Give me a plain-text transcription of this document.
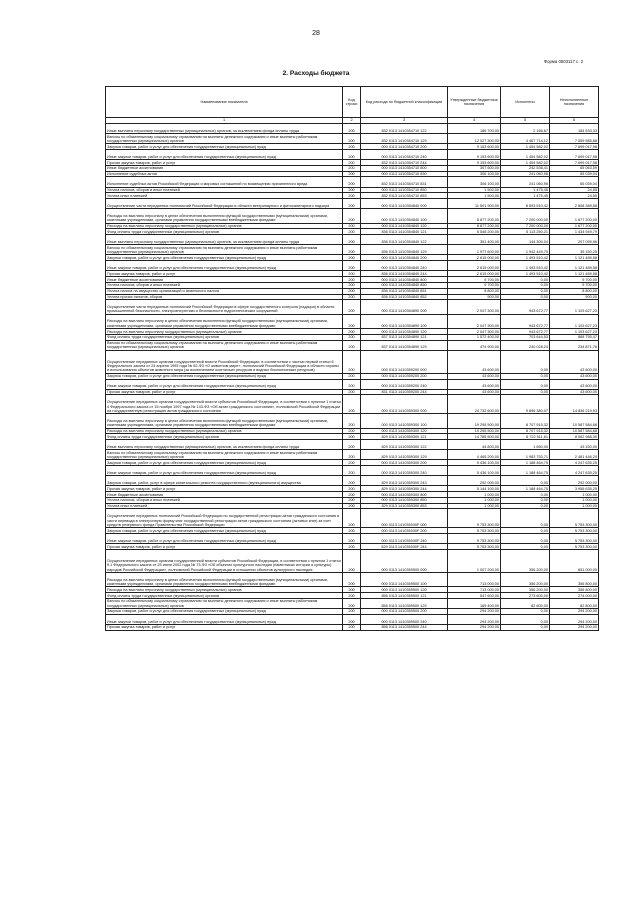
28
Форма 0503117 с. 2
2. Расходы бюджета
Наименование показателя	Код строки	Код расхода по бюджетной классификации	Утвержденные бюджетные назначения	Исполнено	Неисполненные назначения
1	2	3	4	5	6
Иные выплаты персоналу государственных (муниципальных) органов, за исключением фонда оплаты труда	200	832 0113 1410354710 122	186 700,00	2 166,67	184 533,33
Взносы по обязательному социальному страхованию на выплаты денежного содержания и иные выплаты работникам государственных (муниципальных) органов	200	832 0113 1410354710 129	12 027 300,00	4 467 714,12	7 559 585,88
Закупка товаров, работ и услуг для обеспечения государственных (муниципальных) нужд	200	000 0113 1410354710 200	9 153 600,00	1 454 582,02	7 699 017,98
Иные закупки товаров, работ и услуг для обеспечения государственных (муниципальных) нужд	200	000 0113 1410354710 240	9 153 600,00	1 454 582,02	7 699 017,98
Прочая закупка товаров, работ и услуг	200	832 0113 1410354710 244	9 153 600,00	1 454 582,02	7 699 017,98
Иные бюджетные ассигнования	200	000 0113 1410354710 800	307 600,00	242 536,41	65 063,59
Исполнение судебных актов	200	000 0113 1410354710 830	306 100,00	241 060,96	65 039,04
Исполнение судебных актов Российской Федерации и мировых соглашений по возмещению причиненного вреда	200	832 0113 1410354710 831	306 100,00	241 060,96	65 039,04
Уплата налогов, сборов и иных платежей	200	000 0113 1410354710 850	1 500,00	1 475,45	24,55
Уплата иных платежей	200	832 0113 1410354710 853	1 500,00	1 475,45	24,55
Осуществление части переданных полномочий Российской Федерации в области ветеринарного и фитосанитарного надзора	200	000 0113 1410354840 000	11 501 900,00	8 693 510,42	2 808 389,58
Расходы на выплаты персоналу в целях обеспечения выполнения функций государственными (муниципальными) органами, казенными учреждениями, органами управления государственными внебюджетными фондами	200	000 0113 1410354840 100	8 877 200,00	7 200 000,00	1 677 200,00
Расходы на выплаты персоналу государственных (муниципальных) органов	200	000 0113 1410354840 120	8 877 200,00	7 200 000,00	1 677 200,00
Фонд оплаты труда государственных (муниципальных) органов	200	836 0113 1410354840 121	6 548 200,00	5 113 250,21	1 434 949,79
Иные выплаты персоналу государственных (муниципальных) органов, за исключением фонда оплаты труда	200	836 0113 1410354840 122	351 400,00	144 300,04	207 099,96
Взносы по обязательному социальному страхованию на выплаты денежного содержания и иные выплаты работникам государственных (муниципальных) органов	200	836 0113 1410354840 129	1 977 600,00	1 942 449,75	35 150,25
Закупка товаров, работ и услуг для обеспечения государственных (муниципальных) нужд	200	000 0113 1410354840 200	2 615 000,00	1 493 510,42	1 121 489,58
Иные закупки товаров, работ и услуг для обеспечения государственных (муниципальных) нужд	200	000 0113 1410354840 240	2 615 000,00	1 493 510,42	1 121 489,58
Прочая закупка товаров, работ и услуг	200	836 0113 1410354840 244	2 615 000,00	1 493 510,42	1 121 489,58
Иные бюджетные ассигнования	200	000 0113 1410354840 800	9 700,00	0,00	9 700,00
Уплата налогов, сборов и иных платежей	200	000 0113 1410354840 850	9 700,00	0,00	9 700,00
Уплата налога на имущество организаций и земельного налога	200	836 0113 1410354840 851	8 800,00	0,00	8 800,00
Уплата прочих налогов, сборов	200	836 0113 1410354840 852	900,00	0,00	900,00
Осуществление части переданных полномочий Российской Федерации в сфере государственного контроля (надзора) в области промышленной безопасности, электроэнергетики и безопасности гидротехнических сооружений	200	000 0113 1410354890 000	2 047 300,00	943 672,77	1 103 627,23
Расходы на выплаты персоналу в целях обеспечения выполнения функций государственными (муниципальными) органами, казенными учреждениями, органами управления государственными внебюджетными фондами	200	000 0113 1410354890 100	2 047 300,00	943 672,77	1 103 627,23
Расходы на выплаты персоналу государственных (муниципальных) органов	200	000 0113 1410354890 120	2 047 300,00	943 672,77	1 103 627,23
Фонд оплаты труда государственных (муниципальных) органов	200	837 0113 1410354890 121	1 572 400,00	703 644,53	868 755,47
Взносы по обязательному социальному страхованию на выплаты денежного содержания и иные выплаты работникам государственных (муниципальных) органов	200	837 0113 1410354890 129	474 900,00	240 028,24	234 871,76
Осуществление переданных органам государственной власти Российской Федерации, в соответствии с частью первой статьи 6 Федерального закона от 24 апреля 1995 года № 52-ФЗ «О животном мире», полномочий Российской Федерации в области охраны и использования объектов животного мира (за исключением охотничьих ресурсов и водных биологических ресурсов)	200	000 0113 1410359200 000	43 600,00	0,00	43 600,00
Закупка товаров, работ и услуг для обеспечения государственных (муниципальных) нужд	200	000 0113 1410359200 200	43 600,00	0,00	43 600,00
Иные закупки товаров, работ и услуг для обеспечения государственных (муниципальных) нужд	200	000 0113 1410359200 240	43 600,00	0,00	43 600,00
Прочая закупка товаров, работ и услуг	200	831 0113 1410359200 244	43 600,00	0,00	43 600,00
Осуществление переданных органам государственной власти субъектов Российской Федерации, в соответствии с пунктом 1 статьи 4 Федерального закона от 15 ноября 1997 года № 143-ФЗ «Об актах гражданского состояния», полномочий Российской Федерации на государственную регистрацию актов гражданского состояния	200	000 0113 1410359300 000	24 732 600,00	9 896 380,07	14 836 219,93
Расходы на выплаты персоналу в целях обеспечения выполнения функций государственными (муниципальными) органами, казенными учреждениями, органами управления государственными внебюджетными фондами	200	000 0113 1410359300 100	19 295 500,00	8 707 915,32	10 587 584,68
Расходы на выплаты персоналу государственных (муниципальных) органов	200	000 0113 1410359300 120	19 295 500,00	8 707 915,32	10 587 584,68
Фонд оплаты труда государственных (муниципальных) органов	200	829 0113 1410359300 121	14 785 500,00	6 722 511,61	8 062 988,39
Иные выплаты персоналу государственных (муниципальных) органов, за исключением фонда оплаты труда	200	829 0113 1410359300 122	44 800,00	1 650,00	43 150,00
Взносы по обязательному социальному страхованию на выплаты денежного содержания и иные выплаты работникам государственных (муниципальных) органов	200	829 0113 1410359300 129	4 465 200,00	1 983 753,71	2 481 446,29
Закупка товаров, работ и услуг для обеспечения государственных (муниципальных) нужд	200	000 0113 1410359300 200	5 436 100,00	1 188 464,75	4 247 635,25
Иные закупки товаров, работ и услуг для обеспечения государственных (муниципальных) нужд	200	000 0113 1410359300 240	5 436 100,00	1 188 464,75	4 247 635,25
Закупка товаров, работ, услуг в сфере капитального ремонта государственного (муниципального) имущества	200	829 0113 1410359300 243	292 000,00	0,00	292 000,00
Прочая закупка товаров, работ и услуг	200	829 0113 1410359300 244	5 144 100,00	1 188 464,75	3 955 635,25
Иные бюджетные ассигнования	200	000 0113 1410359300 800	1 000,00	0,00	1 000,00
Уплата налогов, сборов и иных платежей	200	000 0113 1410359300 850	1 000,00	0,00	1 000,00
Уплата иных платежей	200	829 0113 1410359300 853	1 000,00	0,00	1 000,00
Осуществление переданных полномочий Российской Федерации по государственной регистрации актов гражданского состояния в части перевода в электронную форму книг государственной регистрации актов гражданского состояния (актовых книг) за счет средств резервного фонда Правительства Российской Федерации	200	000 0113 141035930F 000	5 753 300,00	0,00	5 753 300,00
Закупка товаров, работ и услуг для обеспечения государственных (муниципальных) нужд	200	000 0113 141035930F 200	5 753 300,00	0,00	5 753 300,00
Иные закупки товаров, работ и услуг для обеспечения государственных (муниципальных) нужд	200	000 0113 141035930F 240	5 753 300,00	0,00	5 753 300,00
Прочая закупка товаров, работ и услуг	200	829 0113 141035930F 244	5 753 300,00	0,00	5 753 300,00
Осуществление переданных органам государственной власти субъектов Российской Федерации, в соответствии с пунктом 1 статьи 9.1 Федерального закона от 25 июня 2002 года № 73-ФЗ «Об объектах культурного наследия (памятниках истории и культуры) народов Российской Федерации», полномочий Российской Федерации в отношении объектов культурного наследия	200	000 0113 1410359500 000	1 007 200,00	356 200,00	651 000,00
Расходы на выплаты персоналу в целях обеспечения выполнения функций государственными (муниципальными) органами, казенными учреждениями, органами управления государственными внебюджетными фондами	200	000 0113 1410359500 100	713 000,00	356 200,00	356 800,00
Расходы на выплаты персоналу государственных (муниципальных) органов	200	000 0113 1410359500 120	713 000,00	356 200,00	356 800,00
Фонд оплаты труда государственных (муниципальных) органов	200	856 0113 1410359500 121	547 600,00	273 600,00	274 000,00
Взносы по обязательному социальному страхованию на выплаты денежного содержания и иные выплаты работникам государственных (муниципальных) органов	200	856 0113 1410359500 129	165 400,00	82 600,00	82 800,00
Закупка товаров, работ и услуг для обеспечения государственных (муниципальных) нужд	200	000 0113 1410359500 200	294 200,00	0,00	294 200,00
Иные закупки товаров, работ и услуг для обеспечения государственных (муниципальных) нужд	200	000 0113 1410359500 240	294 200,00	0,00	294 200,00
Прочая закупка товаров, работ и услуг	200	856 0113 1410359500 244	294 200,00	0,00	294 200,00
